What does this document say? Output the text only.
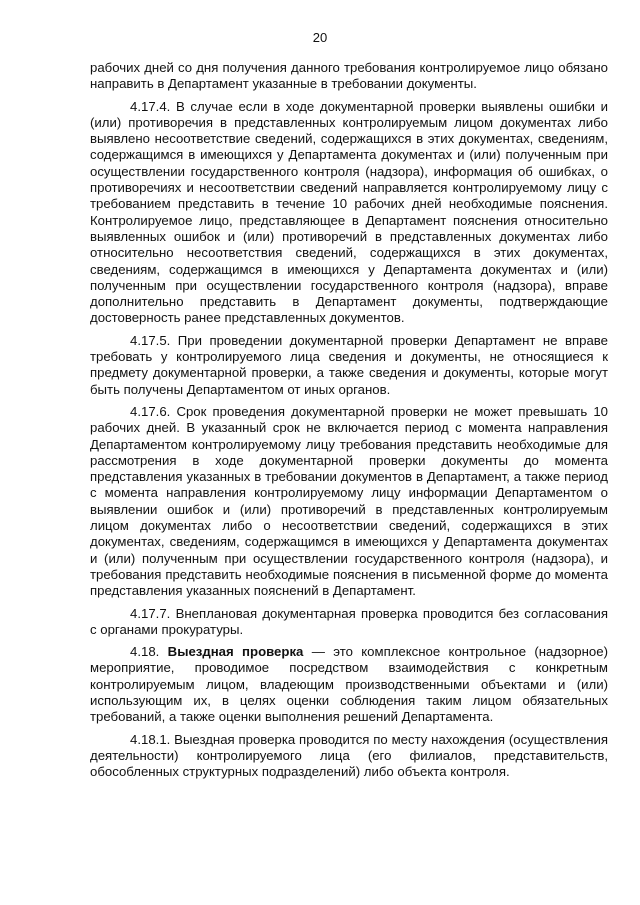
20

рабочих дней со дня получения данного требования контролируемое лицо обязано направить в Департамент указанные в требовании документы.

4.17.4. В случае если в ходе документарной проверки выявлены ошибки и (или) противоречия в представленных контролируемым лицом документах либо выявлено несоответствие сведений, содержащихся в этих документах, сведениям, содержащимся в имеющихся у Департамента документах и (или) полученным при осуществлении государственного контроля (надзора), информация об ошибках, о противоречиях и несоответствии сведений направляется контролируемому лицу с требованием представить в течение 10 рабочих дней необходимые пояснения. Контролируемое лицо, представляющее в Департамент пояснения относительно выявленных ошибок и (или) противоречий в представленных документах либо относительно несоответствия сведений, содержащихся в этих документах, сведениям, содержащимся в имеющихся у Департамента документах и (или) полученным при осуществлении государственного контроля (надзора), вправе дополнительно представить в Департамент документы, подтверждающие достоверность ранее представленных документов.

4.17.5. При проведении документарной проверки Департамент не вправе требовать у контролируемого лица сведения и документы, не относящиеся к предмету документарной проверки, а также сведения и документы, которые могут быть получены Департаментом от иных органов.

4.17.6. Срок проведения документарной проверки не может превышать 10 рабочих дней. В указанный срок не включается период с момента направления Департаментом контролируемому лицу требования представить необходимые для рассмотрения в ходе документарной проверки документы до момента представления указанных в требовании документов в Департамент, а также период с момента направления контролируемому лицу информации Департаментом о выявлении ошибок и (или) противоречий в представленных контролируемым лицом документах либо о несоответствии сведений, содержащихся в этих документах, сведениям, содержащимся в имеющихся у Департамента документах и (или) полученным при осуществлении государственного контроля (надзора), и требования представить необходимые пояснения в письменной форме до момента представления указанных пояснений в Департамент.

4.17.7. Внеплановая документарная проверка проводится без согласования с органами прокуратуры.

4.18. Выездная проверка — это комплексное контрольное (надзорное) мероприятие, проводимое посредством взаимодействия с конкретным контролируемым лицом, владеющим производственными объектами и (или) использующим их, в целях оценки соблюдения таким лицом обязательных требований, а также оценки выполнения решений Департамента.

4.18.1. Выездная проверка проводится по месту нахождения (осуществления деятельности) контролируемого лица (его филиалов, представительств, обособленных структурных подразделений) либо объекта контроля.
